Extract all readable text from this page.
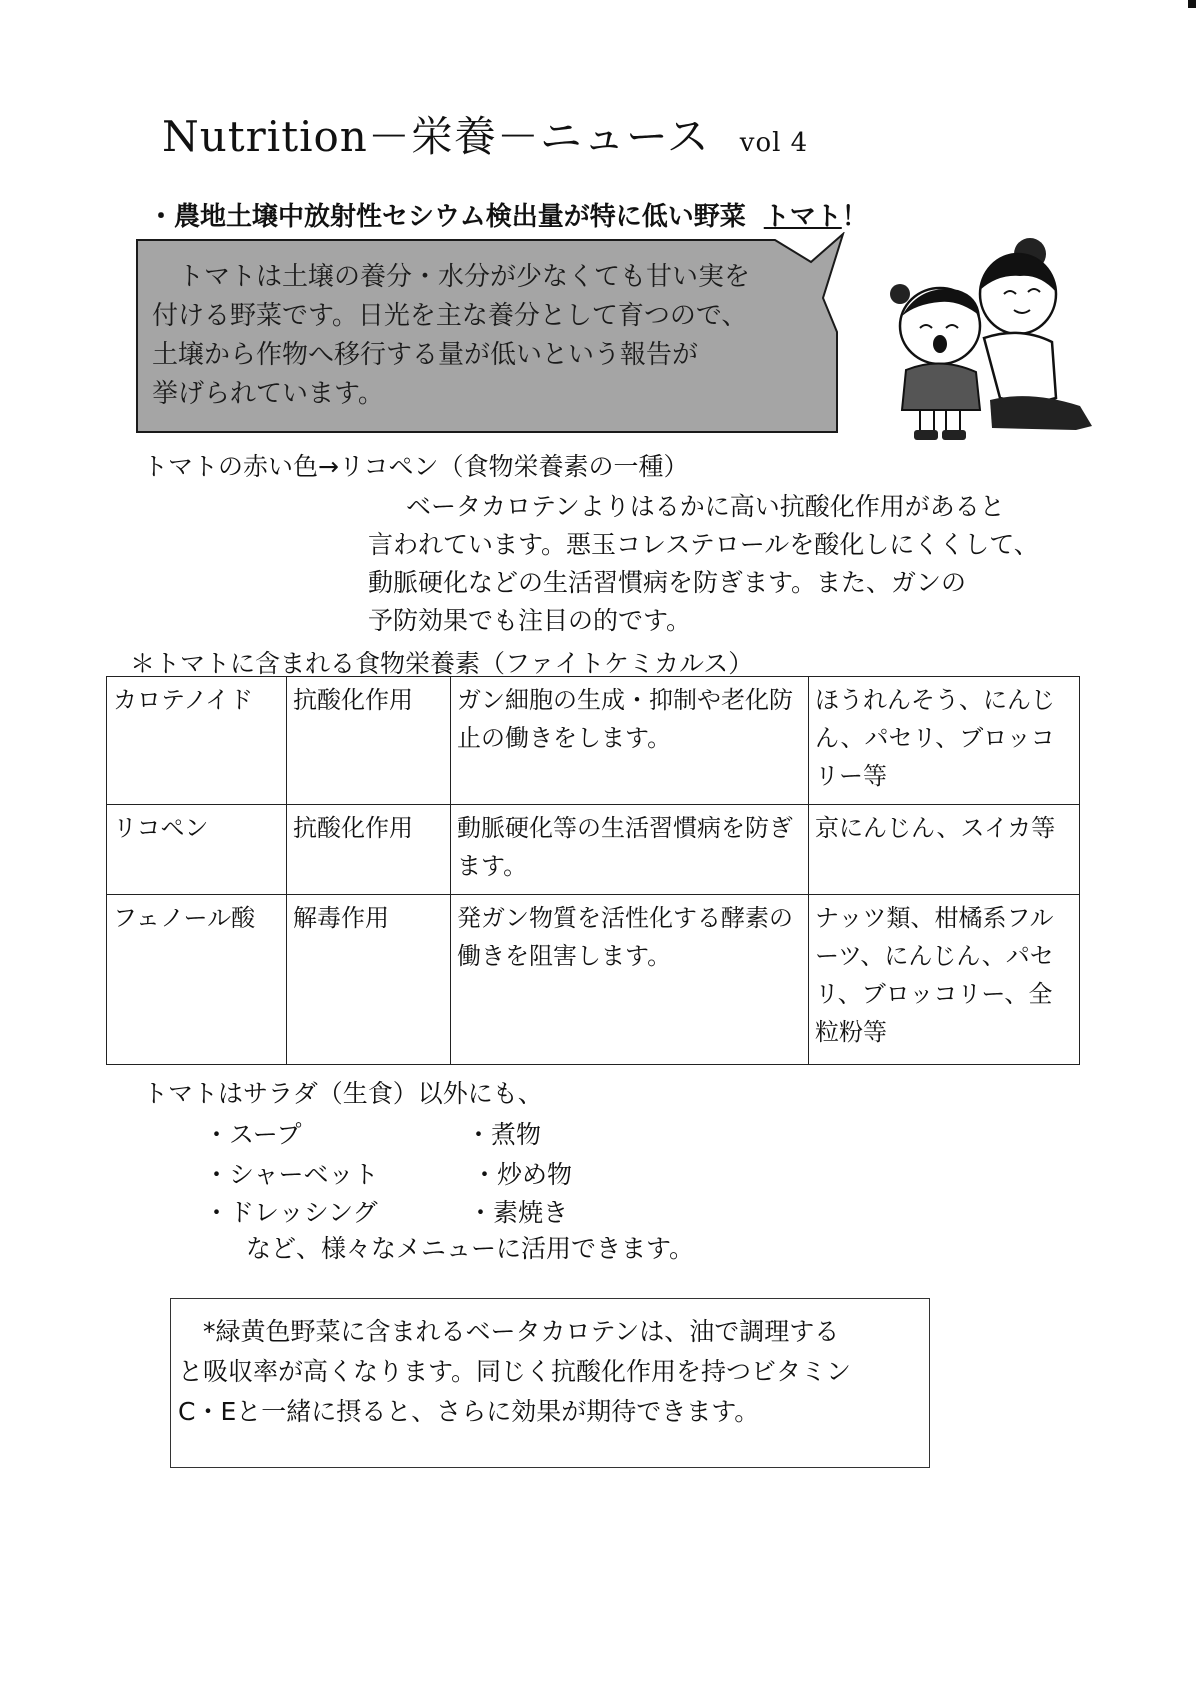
Nutrition－栄養－ニュース vol 4
・農地土壌中放射性セシウム検出量が特に低い野菜 トマト！

　トマトは土壌の養分・水分が少なくても甘い実を

付ける野菜です。日光を主な養分として育つので、

土壌から作物へ移行する量が低いという報告が

挙げられています。

トマトの赤い色→リコペン（食物栄養素の一種）

ベータカロテンよりはるかに高い抗酸化作用があると

言われています。悪玉コレステロールを酸化しにくくして、

動脈硬化などの生活習慣病を防ぎます。また、ガンの

予防効果でも注目の的です。

＊トマトに含まれる食物栄養素（ファイトケミカルス）
カロテノイド	抗酸化作用	ガン細胞の生成・抑制や老化防止の働きをします。	ほうれんそう、にんじん、パセリ、ブロッコリー等
リコペン	抗酸化作用	動脈硬化等の生活習慣病を防ぎます。	京にんじん、スイカ等
フェノール酸	解毒作用	発ガン物質を活性化する酵素の働きを阻害します。	ナッツ類、柑橘系フルーツ、にんじん、パセリ、ブロッコリー、全粒粉等
トマトはサラダ（生食）以外にも、
・スープ	・煮物
・シャーベット	・炒め物
・ドレッシング	・素焼き
など、様々なメニューに活用できます。

　*緑黄色野菜に含まれるベータカロテンは、油で調理する

と吸収率が高くなります。同じく抗酸化作用を持つビタミン

C・Eと一緒に摂ると、さらに効果が期待できます。
